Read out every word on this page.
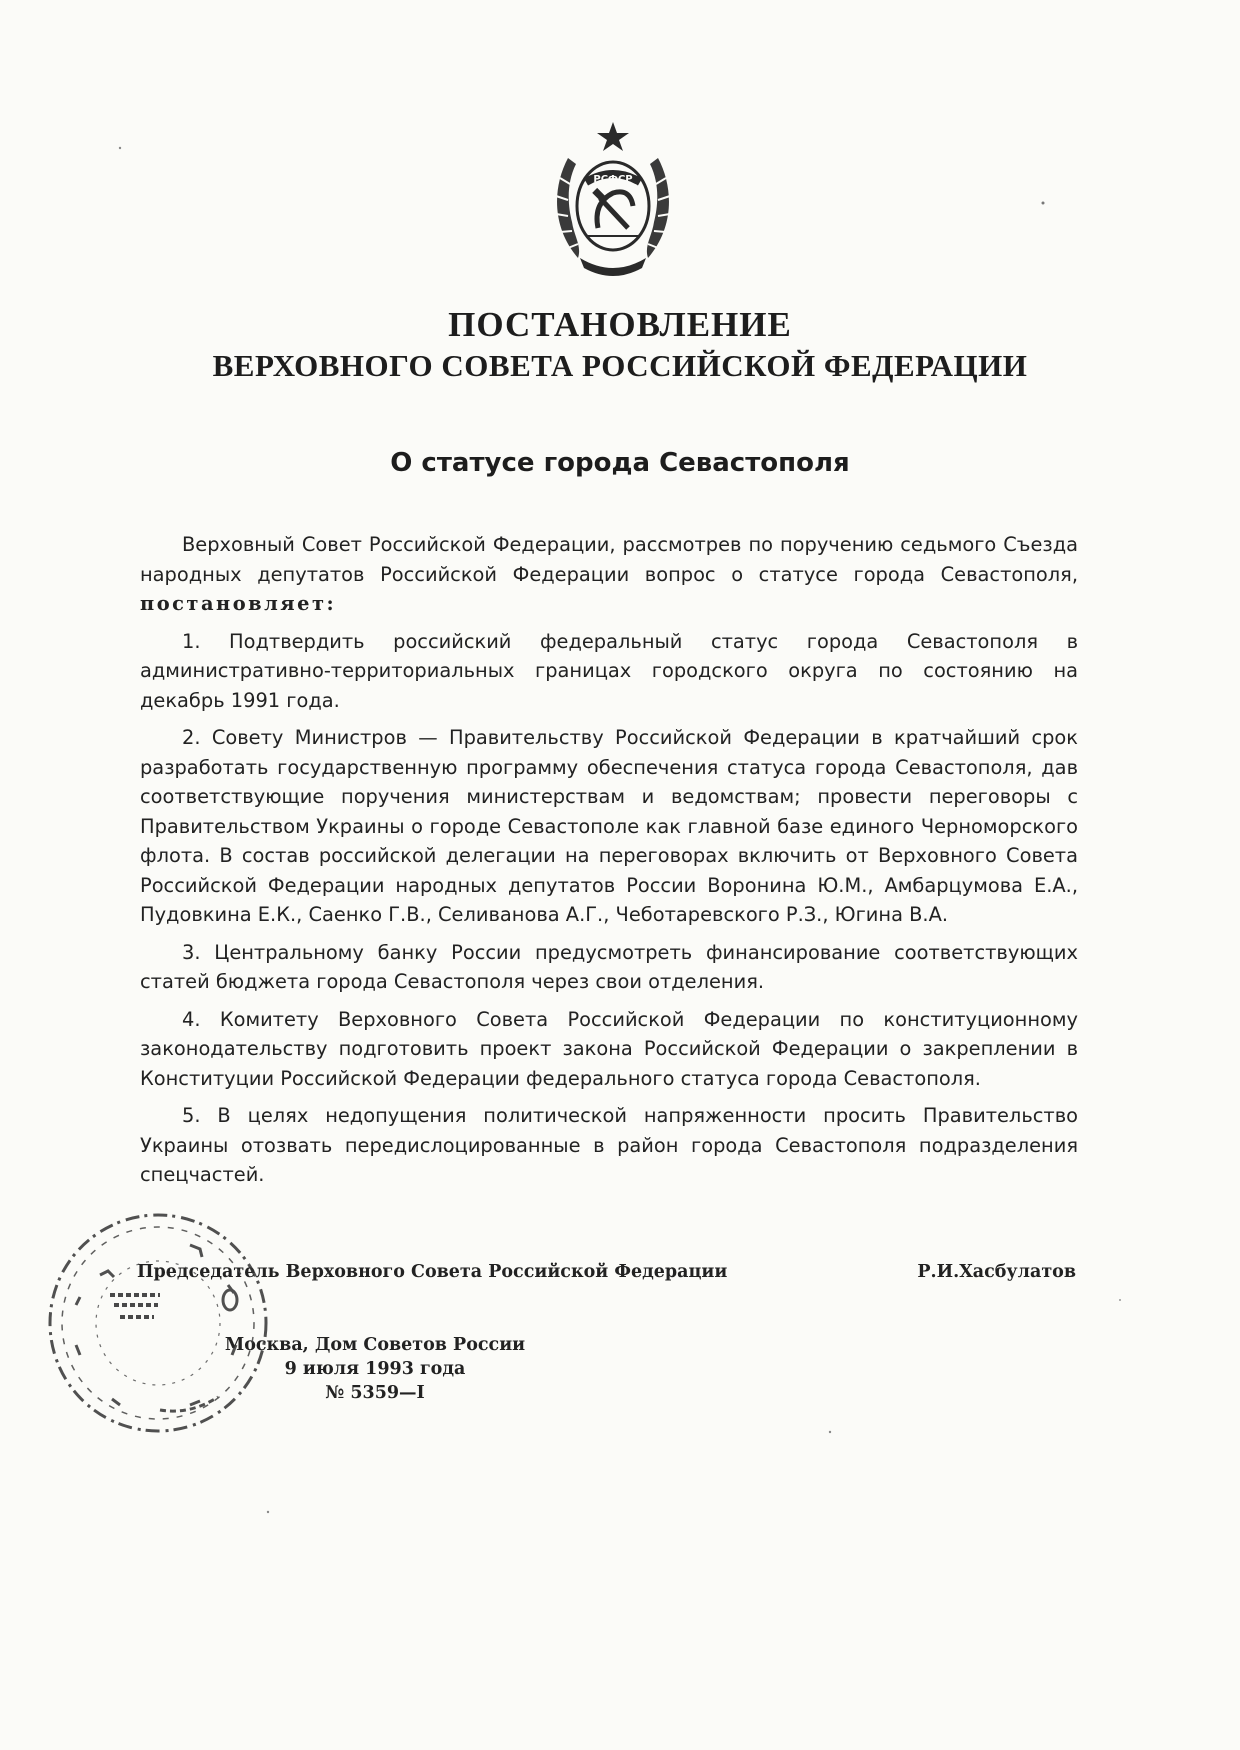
РСФСР
ПОСТАНОВЛЕНИЕ
ВЕРХОВНОГО СОВЕТА РОССИЙСКОЙ ФЕДЕРАЦИИ
О статусе города Севастополя

Верховный Совет Российской Федерации, рассмотрев по поручению седьмого Съезда народных депутатов Российской Федерации вопрос о статусе города Севастополя, постановляет:

1. Подтвердить российский федеральный статус города Севастополя в административно-территориальных границах городского округа по состоянию на декабрь 1991 года.

2. Совету Министров — Правительству Российской Федерации в кратчайший срок разработать государственную программу обеспечения статуса города Севастополя, дав соответствующие поручения министерствам и ведомствам; провести переговоры с Правительством Украины о городе Севастополе как главной базе единого Черноморского флота. В состав российской делегации на переговорах включить от Верховного Совета Российской Федерации народных депутатов России Воронина Ю.М., Амбарцумова Е.А., Пудовкина Е.К., Саенко Г.В., Селиванова А.Г., Чеботаревского Р.З., Югина В.А.

3. Центральному банку России предусмотреть финансирование соответствующих статей бюджета города Севастополя через свои отделения.

4. Комитету Верховного Совета Российской Федерации по конституционному законодательству подготовить проект закона Российской Федерации о закреплении в Конституции Российской Федерации федерального статуса города Севастополя.

5. В целях недопущения политической напряженности просить Правительство Украины отозвать передислоцированные в район города Севастополя подразделения спецчастей.

Председатель Верховного Совета Российской Федерации	Р.И.Хасбулатов
Москва, Дом Советов России
9 июля 1993 года
№ 5359—I
